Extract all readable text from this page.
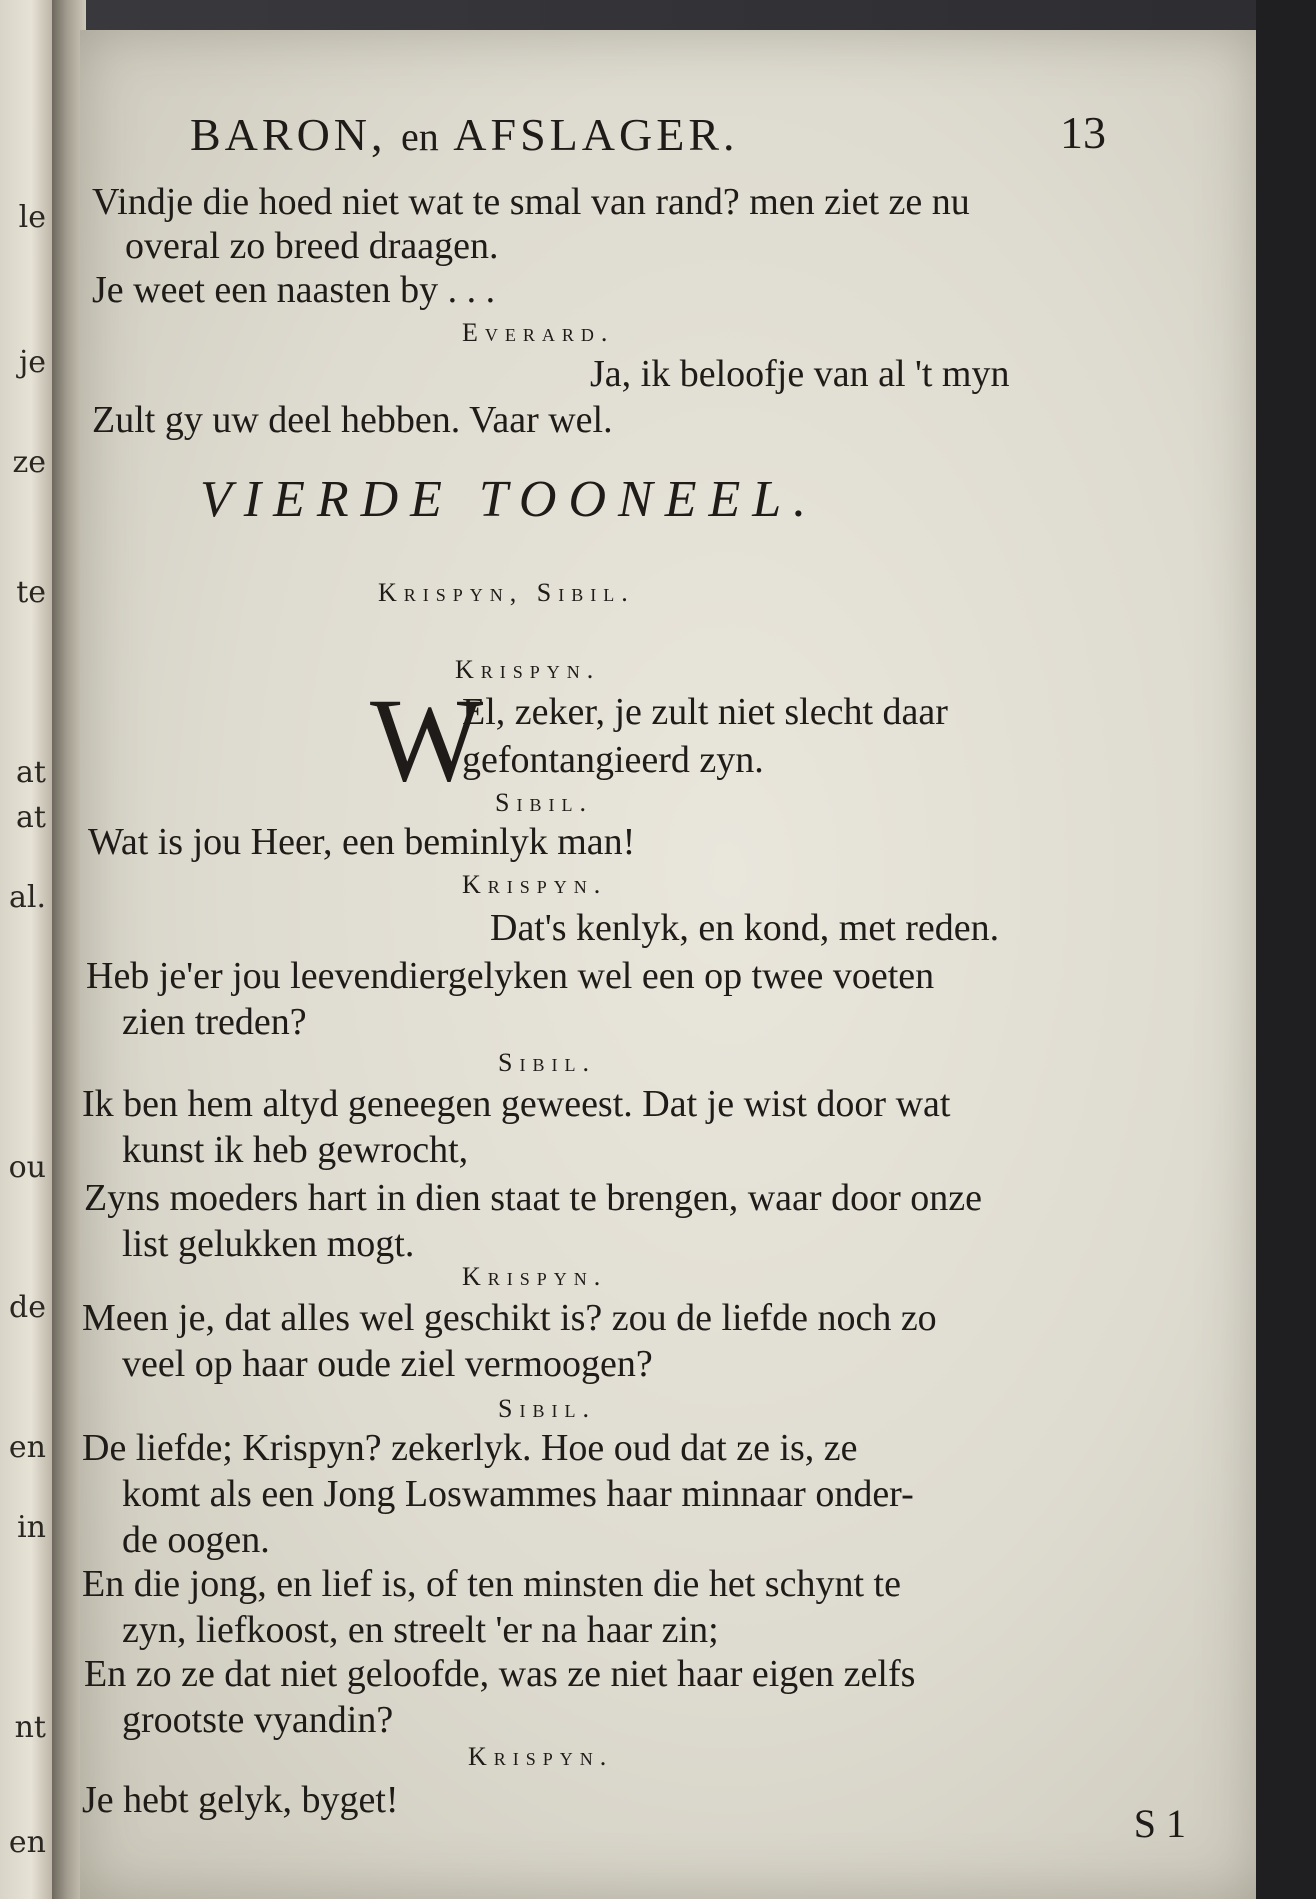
le
je
ze
te
at
at
al.
ou
de
en
in
nt
en
BARON, en AFSLAGER.	13
Vindje die hoed niet wat te smal van rand? men ziet ze nu
overal zo breed draagen.
Je weet een naasten by . . .
Everard.
Ja, ik beloofje van al 't myn
Zult gy uw deel hebben. Vaar wel.
VIERDE TOONEEL.
Krispyn, Sibil.
Krispyn.
W
El, zeker, je zult niet slecht daar
gefontangieerd zyn.
Sibil.
Wat is jou Heer, een beminlyk man!
Krispyn.
Dat's kenlyk, en kond, met reden.
Heb je'er jou leevendiergelyken wel een op twee voeten
zien treden?
Sibil.
Ik ben hem altyd geneegen geweest. Dat je wist door wat
kunst ik heb gewrocht,
Zyns moeders hart in dien staat te brengen, waar door onze
list gelukken mogt.
Krispyn.
Meen je, dat alles wel geschikt is? zou de liefde noch zo
veel op haar oude ziel vermoogen?
Sibil.
De liefde; Krispyn? zekerlyk. Hoe oud dat ze is, ze
komt als een Jong Loswammes haar minnaar onder-
de oogen.
En die jong, en lief is, of ten minsten die het schynt te
zyn, liefkoost, en streelt 'er na haar zin;
En zo ze dat niet geloofde, was ze niet haar eigen zelfs
grootste vyandin?
Krispyn.
Je hebt gelyk, byget!
S 1
